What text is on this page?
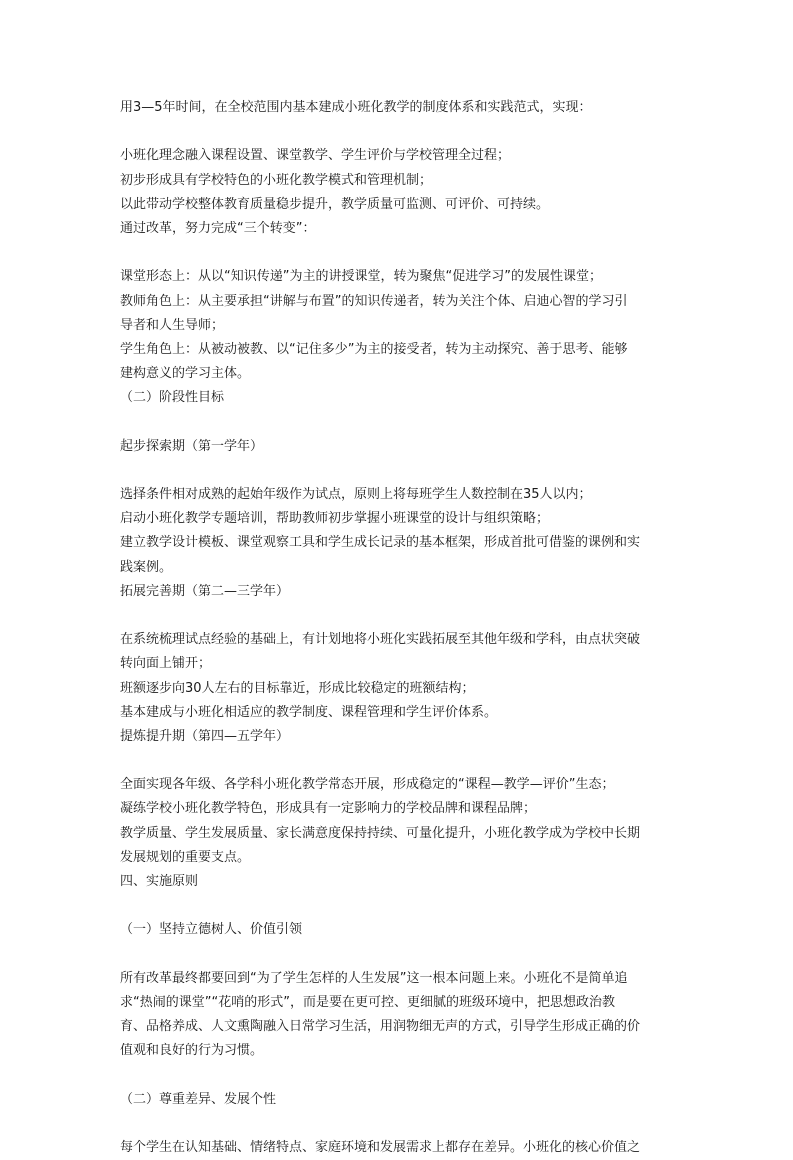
用3—5年时间，在全校范围内基本建成小班化教学的制度体系和实践范式，实现：
小班化理念融入课程设置、课堂教学、学生评价与学校管理全过程；
初步形成具有学校特色的小班化教学模式和管理机制；
以此带动学校整体教育质量稳步提升，教学质量可监测、可评价、可持续。
通过改革，努力完成“三个转变”：
课堂形态上：从以“知识传递”为主的讲授课堂，转为聚焦“促进学习”的发展性课堂；
教师角色上：从主要承担“讲解与布置”的知识传递者，转为关注个体、启迪心智的学习引
导者和人生导师；
学生角色上：从被动被教、以“记住多少”为主的接受者，转为主动探究、善于思考、能够
建构意义的学习主体。
（二）阶段性目标
起步探索期（第一学年）
选择条件相对成熟的起始年级作为试点，原则上将每班学生人数控制在35人以内；
启动小班化教学专题培训，帮助教师初步掌握小班课堂的设计与组织策略；
建立教学设计模板、课堂观察工具和学生成长记录的基本框架，形成首批可借鉴的课例和实
践案例。
拓展完善期（第二—三学年）
在系统梳理试点经验的基础上，有计划地将小班化实践拓展至其他年级和学科，由点状突破
转向面上铺开；
班额逐步向30人左右的目标靠近，形成比较稳定的班额结构；
基本建成与小班化相适应的教学制度、课程管理和学生评价体系。
提炼提升期（第四—五学年）
全面实现各年级、各学科小班化教学常态开展，形成稳定的“课程—教学—评价”生态；
凝练学校小班化教学特色，形成具有一定影响力的学校品牌和课程品牌；
教学质量、学生发展质量、家长满意度保持持续、可量化提升，小班化教学成为学校中长期
发展规划的重要支点。
四、实施原则
（一）坚持立德树人、价值引领
所有改革最终都要回到“为了学生怎样的人生发展”这一根本问题上来。小班化不是简单追
求“热闹的课堂”“花哨的形式”，而是要在更可控、更细腻的班级环境中，把思想政治教
育、品格养成、人文熏陶融入日常学习生活，用润物细无声的方式，引导学生形成正确的价
值观和良好的行为习惯。
（二）尊重差异、发展个性
每个学生在认知基础、情绪特点、家庭环境和发展需求上都存在差异。小班化的核心价值之
